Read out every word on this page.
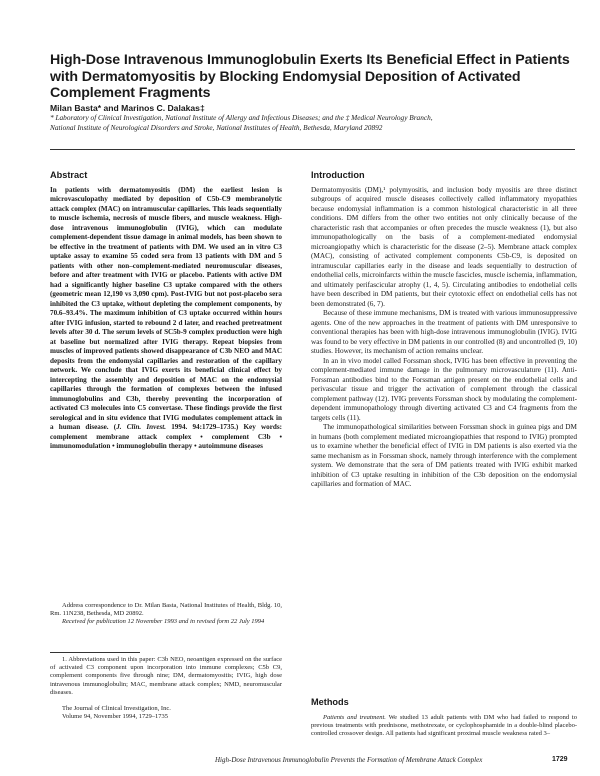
High-Dose Intravenous Immunoglobulin Exerts Its Beneficial Effect in Patients with Dermatomyositis by Blocking Endomysial Deposition of Activated Complement Fragments
Milan Basta* and Marinos C. Dalakas‡
* Laboratory of Clinical Investigation, National Institute of Allergy and Infectious Diseases; and the ‡ Medical Neurology Branch,
National Institute of Neurological Disorders and Stroke, National Institutes of Health, Bethesda, Maryland 20892
Abstract

In patients with dermatomyositis (DM) the earliest lesion is microvasculopathy mediated by deposition of C5b-C9 membranolytic attack complex (MAC) on intramuscular capillaries. This leads sequentially to muscle ischemia, necrosis of muscle fibers, and muscle weakness. High-dose intravenous immunoglobulin (IVIG), which can modulate complement-dependent tissue damage in animal models, has been shown to be effective in the treatment of patients with DM. We used an in vitro C3 uptake assay to examine 55 coded sera from 13 patients with DM and 5 patients with other non–complement-mediated neuromuscular diseases, before and after treatment with IVIG or placebo. Patients with active DM had a significantly higher baseline C3 uptake compared with the others (geometric mean 12,190 vs 3,090 cpm). Post-IVIG but not post-placebo sera inhibited the C3 uptake, without depleting the complement components, by 70.6–93.4%. The maximum inhibition of C3 uptake occurred within hours after IVIG infusion, started to rebound 2 d later, and reached pretreatment levels after 30 d. The serum levels of SC5b-9 complex production were high at baseline but normalized after IVIG therapy. Repeat biopsies from muscles of improved patients showed disappearance of C3b NEO and MAC deposits from the endomysial capillaries and restoration of the capillary network. We conclude that IVIG exerts its beneficial clinical effect by intercepting the assembly and deposition of MAC on the endomysial capillaries through the formation of complexes between the infused immunoglobulins and C3b, thereby preventing the incorporation of activated C3 molecules into C5 convertase. These findings provide the first serological and in situ evidence that IVIG modulates complement attack in a human disease. (J. Clin. Invest. 1994. 94:1729–1735.) Key words: complement membrane attack complex • complement C3b • immunomodulation • immunoglobulin therapy • autoimmune diseases

Address correspondence to Dr. Milan Basta, National Institutes of Health, Bldg. 10, Rm. 11N238, Bethesda, MD 20892.

Received for publication 12 November 1993 and in revised form 22 July 1994

1. Abbreviations used in this paper: C3b NEO, neoantigen expressed on the surface of activated C3 component upon incorporation into immune complexes; C5b C9, complement components five through nine; DM, dermatomyositis; IVIG, high dose intravenous immunoglobulin; MAC, membrane attack complex; NMD, neuromuscular diseases.

The Journal of Clinical Investigation, Inc.

Volume 94, November 1994, 1729–1735

Introduction

Dermatomyositis (DM),¹ polymyositis, and inclusion body myositis are three distinct subgroups of acquired muscle diseases collectively called inflammatory myopathies because endomysial inflammation is a common histological characteristic in all three conditions. DM differs from the other two entities not only clinically because of the characteristic rash that accompanies or often precedes the muscle weakness (1), but also immunopathologically on the basis of a complement-mediated endomysial microangiopathy which is characteristic for the disease (2–5). Membrane attack complex (MAC), consisting of activated complement components C5b-C9, is deposited on intramuscular capillaries early in the disease and leads sequentially to destruction of endothelial cells, microinfarcts within the muscle fascicles, muscle ischemia, inflammation, and ultimately perifascicular atrophy (1, 4, 5). Circulating antibodies to endothelial cells have been described in DM patients, but their cytotoxic effect on endothelial cells has not been demonstrated (6, 7).

Because of these immune mechanisms, DM is treated with various immunosuppressive agents. One of the new approaches in the treatment of patients with DM unresponsive to conventional therapies has been with high-dose intravenous immunoglobulin (IVIG). IVIG was found to be very effective in DM patients in our controlled (8) and uncontrolled (9, 10) studies. However, its mechanism of action remains unclear.

In an in vivo model called Forssman shock, IVIG has been effective in preventing the complement-mediated immune damage in the pulmonary microvasculature (11). Anti-Forssman antibodies bind to the Forssman antigen present on the endothelial cells and perivascular tissue and trigger the activation of complement through the classical complement pathway (12). IVIG prevents Forssman shock by modulating the complement-dependent immunopathology through diverting activated C3 and C4 fragments from the targets cells (11).

The immunopathological similarities between Forssman shock in guinea pigs and DM in humans (both complement mediated microangiopathies that respond to IVIG) prompted us to examine whether the beneficial effect of IVIG in DM patients is also exerted via the same mechanism as in Forssman shock, namely through interference with the complement system. We demonstrate that the sera of DM patients treated with IVIG exhibit marked inhibition of C3 uptake resulting in inhibition of the C3b deposition on the endomysial capillaries and formation of MAC.

Methods

Patients and treatment. We studied 13 adult patients with DM who had failed to respond to previous treatments with prednisone, methotrexate, or cyclophosphamide in a double-blind placebo-controlled crossover design. All patients had significant proximal muscle weakness rated 3–

High-Dose Intravenous Immunoglobulin Prevents the Formation of Membrane Attack Complex	1729
